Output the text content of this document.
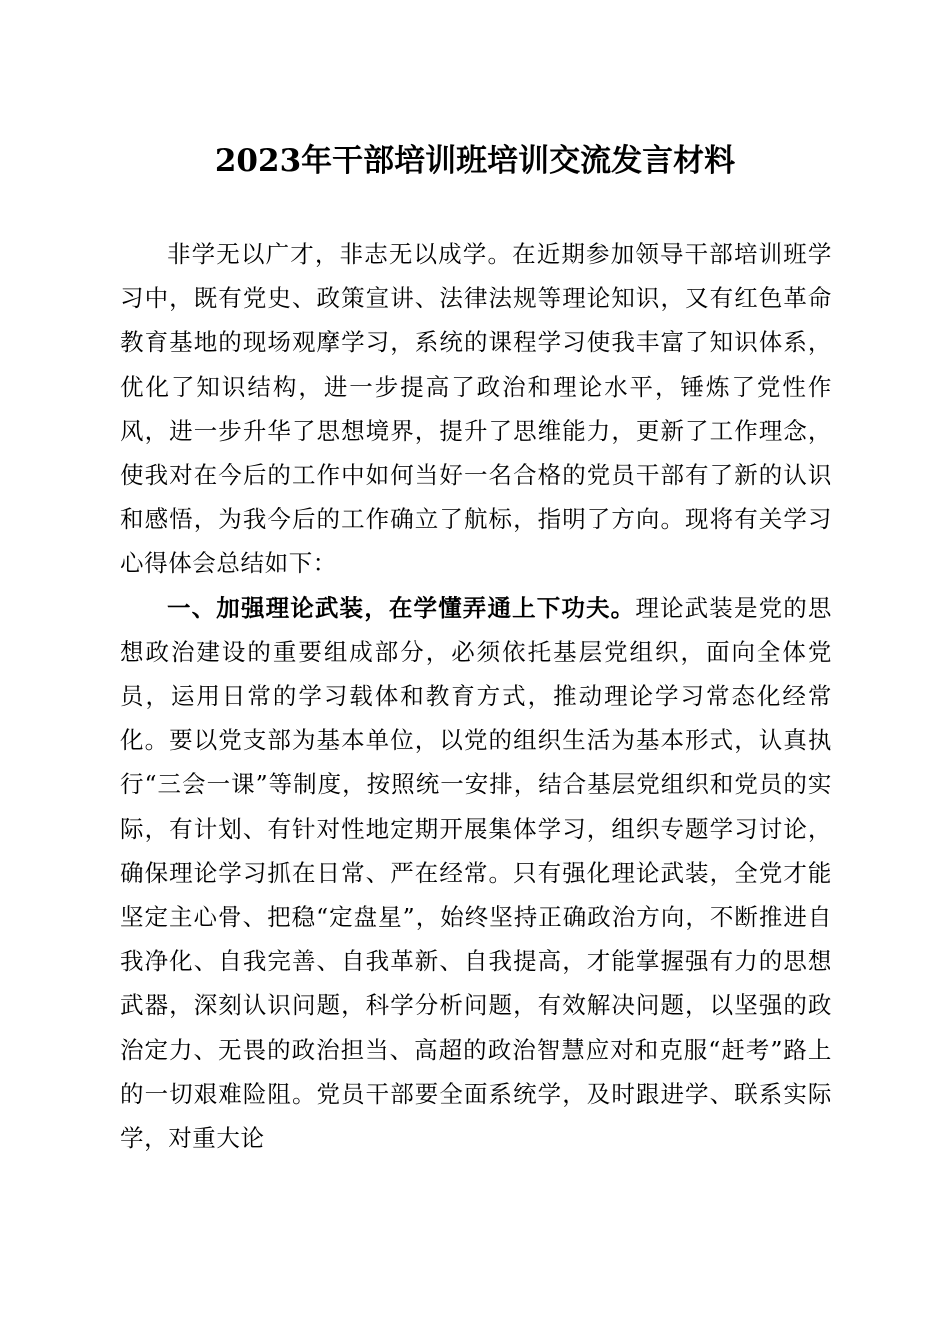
2023年干部培训班培训交流发言材料

非学无以广才，非志无以成学。在近期参加领导干部培训班学习中，既有党史、政策宣讲、法律法规等理论知识，又有红色革命教育基地的现场观摩学习，系统的课程学习使我丰富了知识体系，优化了知识结构，进一步提高了政治和理论水平，锤炼了党性作风，进一步升华了思想境界，提升了思维能力，更新了工作理念，使我对在今后的工作中如何当好一名合格的党员干部有了新的认识和感悟，为我今后的工作确立了航标，指明了方向。现将有关学习心得体会总结如下：

一、加强理论武装，在学懂弄通上下功夫。理论武装是党的思想政治建设的重要组成部分，必须依托基层党组织，面向全体党员，运用日常的学习载体和教育方式，推动理论学习常态化经常化。要以党支部为基本单位，以党的组织生活为基本形式，认真执行“三会一课”等制度，按照统一安排，结合基层党组织和党员的实际，有计划、有针对性地定期开展集体学习，组织专题学习讨论，确保理论学习抓在日常、严在经常。只有强化理论武装，全党才能坚定主心骨、把稳“定盘星”，始终坚持正确政治方向，不断推进自我净化、自我完善、自我革新、自我提高，才能掌握强有力的思想武器，深刻认识问题，科学分析问题，有效解决问题，以坚强的政治定力、无畏的政治担当、高超的政治智慧应对和克服“赶考”路上的一切艰难险阻。党员干部要全面系统学，及时跟进学、联系实际学，对重大论
